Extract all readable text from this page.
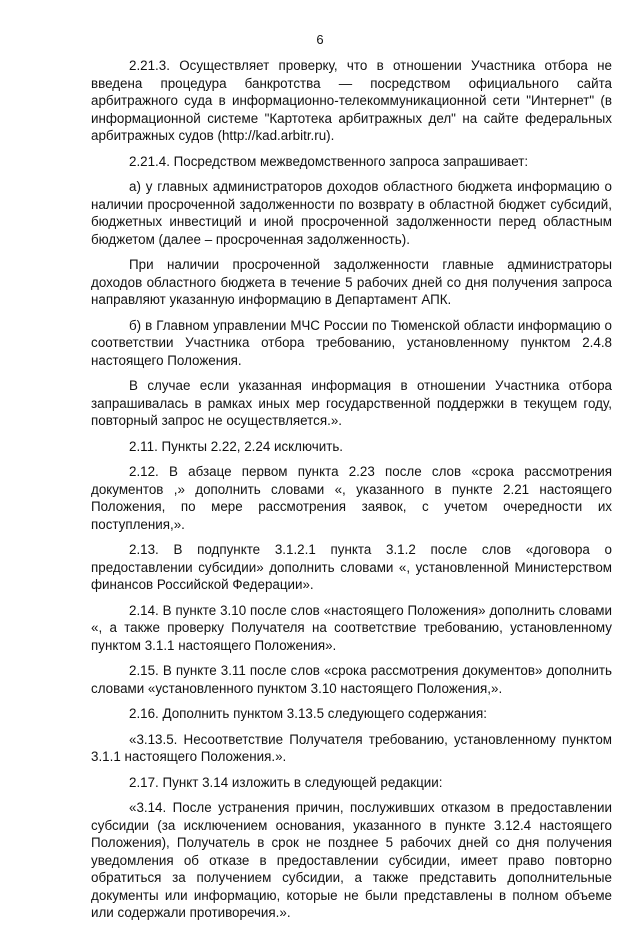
6

2.21.3. Осуществляет проверку, что в отношении Участника отбора не введена процедура банкротства — посредством официального сайта арбитражного суда в информационно-телекоммуникационной сети "Интернет" (в информационной системе "Картотека арбитражных дел" на сайте федеральных арбитражных судов (http://kad.arbitr.ru).

2.21.4. Посредством межведомственного запроса запрашивает:

а) у главных администраторов доходов областного бюджета информацию о наличии просроченной задолженности по возврату в областной бюджет субсидий, бюджетных инвестиций и иной просроченной задолженности перед областным бюджетом (далее – просроченная задолженность).

При наличии просроченной задолженности главные администраторы доходов областного бюджета в течение 5 рабочих дней со дня получения запроса направляют указанную информацию в Департамент АПК.

б) в Главном управлении МЧС России по Тюменской области информацию о соответствии Участника отбора требованию, установленному пунктом 2.4.8 настоящего Положения.

В случае если указанная информация в отношении Участника отбора запрашивалась в рамках иных мер государственной поддержки в текущем году, повторный запрос не осуществляется.».

2.11. Пункты 2.22, 2.24 исключить.

2.12. В абзаце первом пункта 2.23 после слов «срока рассмотрения документов ,» дополнить словами «, указанного в пункте 2.21 настоящего Положения, по мере рассмотрения заявок, с учетом очередности их поступления,».

2.13. В подпункте 3.1.2.1 пункта 3.1.2 после слов «договора о предоставлении субсидии» дополнить словами «, установленной Министерством финансов Российской Федерации».

2.14. В пункте 3.10 после слов «настоящего Положения» дополнить словами «, а также проверку Получателя на соответствие требованию, установленному пунктом 3.1.1 настоящего Положения».

2.15. В пункте 3.11 после слов «срока рассмотрения документов» дополнить словами «установленного пунктом 3.10 настоящего Положения,».

2.16. Дополнить пунктом 3.13.5 следующего содержания:

«3.13.5. Несоответствие Получателя требованию, установленному пунктом 3.1.1 настоящего Положения.».

2.17. Пункт 3.14 изложить в следующей редакции:

«3.14. После устранения причин, послуживших отказом в предоставлении субсидии (за исключением основания, указанного в пункте 3.12.4 настоящего Положения), Получатель в срок не позднее 5 рабочих дней со дня получения уведомления об отказе в предоставлении субсидии, имеет право повторно обратиться за получением субсидии, а также представить дополнительные документы или информацию, которые не были представлены в полном объеме или содержали противоречия.».
